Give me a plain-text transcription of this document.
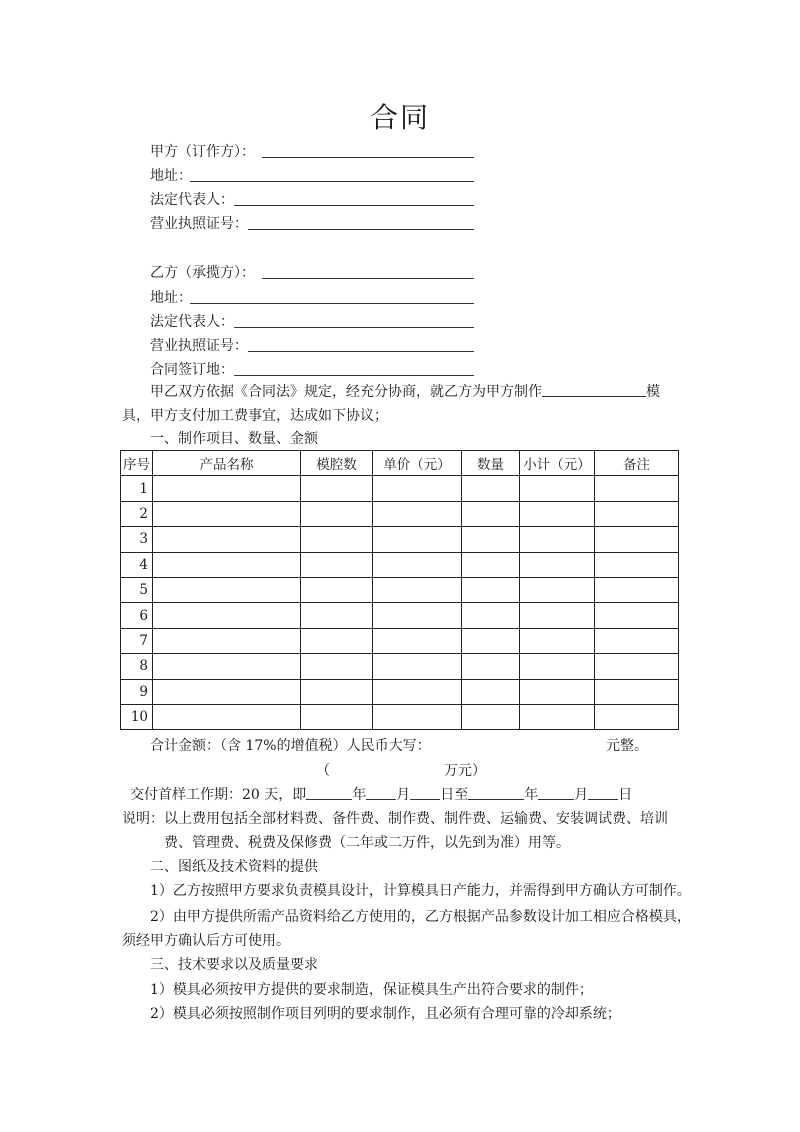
合同
甲方（订作方）：
地址：
法定代表人：
营业执照证号：
乙方（承揽方）：
地址：
法定代表人：
营业执照证号：
合同签订地：
甲乙双方依据《合同法》规定，经充分协商，就乙方为甲方制作	模
具，甲方支付加工费事宜，达成如下协议；
一、制作项目、数量、金额
序号	产品名称	模腔数	单价（元）	数量	小计（元）	备注
1						
2						
3						
4						
5						
6						
7						
8						
9						
10						
合计金额：（含 17%的增值税）人民币大写：	元整。
（	万元）
交付首样工作期：20 天，即	年 月 日至	年	月 日
说明：以上费用包括全部材料费、备件费、制作费、制件费、运输费、安装调试费、培训
费、管理费、税费及保修费（二年或二万件，以先到为准）用等。
二、图纸及技术资料的提供
1）乙方按照甲方要求负责模具设计，计算模具日产能力，并需得到甲方确认方可制作。
2）由甲方提供所需产品资料给乙方使用的，乙方根据产品参数设计加工相应合格模具，
须经甲方确认后方可使用。
三、技术要求以及质量要求
1）模具必须按甲方提供的要求制造，保证模具生产出符合要求的制件；
2）模具必须按照制作项目列明的要求制作，且必须有合理可靠的冷却系统；
